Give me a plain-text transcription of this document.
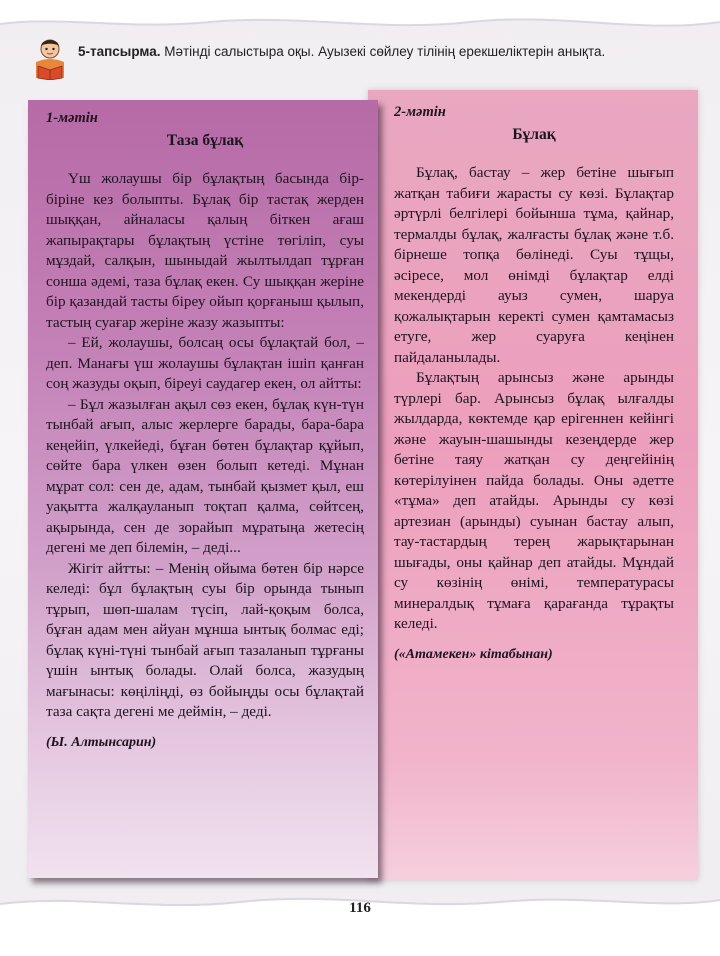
5-тапсырма. Мәтінді салыстыра оқы. Ауызекі сөйлеу тілінің ерекшеліктерін анықта.
1-мәтін
Таза бұлақ

Үш жолаушы бір бұлақтың басында бір-біріне кез болыпты. Бұлақ бір тастақ жерден шыққан, айналасы қалың біткен ағаш жапырақтары бұлақтың үстіне төгіліп, суы мұздай, салқын, шыныдай жылтылдап тұрған сонша әдемі, таза бұлақ екен. Су шыққан жеріне бір қазандай тасты біреу ойып қорғаныш қылып, тастың суағар жеріне жазу жазыпты:

– Ей, жолаушы, болсаң осы бұлақтай бол, – деп. Манағы үш жолаушы бұлақтан ішіп қанған соң жазуды оқып, біреуі саудагер екен, ол айтты:

– Бұл жазылған ақыл сөз екен, бұлақ күн-түн тынбай ағып, алыс жерлерге барады, бара-бара кеңейіп, үлкейеді, бұған бөтен бұлақтар құйып, сөйте бара үлкен өзен болып кетеді. Мұнан мұрат сол: сен де, адам, тынбай қызмет қыл, еш уақытта жалқауланып тоқтап қалма, сөйтсең, ақырында, сен де зорайып мұратыңа жетесің дегені ме деп білемін, – деді...

Жігіт айтты: – Менің ойыма бөтен бір нәрсе келеді: бұл бұлақтың суы бір орында тынып тұрып, шөп-шалам түсіп, лай-қоқым болса, бұған адам мен айуан мұнша ынтық болмас еді; бұлақ күні-түні тынбай ағып тазаланып тұрғаны үшін ынтық болады. Олай болса, жазудың мағынасы: көңіліңді, өз бойыңды осы бұлақтай таза сақта дегені ме деймін, – деді.

(Ы. Алтынсарин)

2-мәтін
Бұлақ

Бұлақ, бастау – жер бетіне шығып жатқан табиғи жарасты су көзі. Бұлақтар әртүрлі белгілері бойынша тұма, қайнар, термалды бұлақ, жалғасты бұлақ және т.б. бірнеше топқа бөлінеді. Суы тұщы, әсіресе, мол өнімді бұлақтар елді мекендерді ауыз сумен, шаруа қожалықтарын керекті сумен қамтамасыз етуге, жер суаруға кеңінен пайдаланылады.

Бұлақтың арынсыз және арынды түрлері бар. Арынсыз бұлақ ылғалды жылдарда, көктемде қар ерігеннен кейінгі және жауын-шашынды кезеңдерде жер бетіне таяу жатқан су деңгейінің көтерілуінен пайда болады. Оны әдетте «тұма» деп атайды. Арынды су көзі артезиан (арынды) суынан бастау алып, тау-тастардың терең жарықтарынан шығады, оны қайнар деп атайды. Мұндай су көзінің өнімі, температурасы минералдық тұмаға қарағанда тұрақты келеді.

(«Атамекен» кітабынан)

116
